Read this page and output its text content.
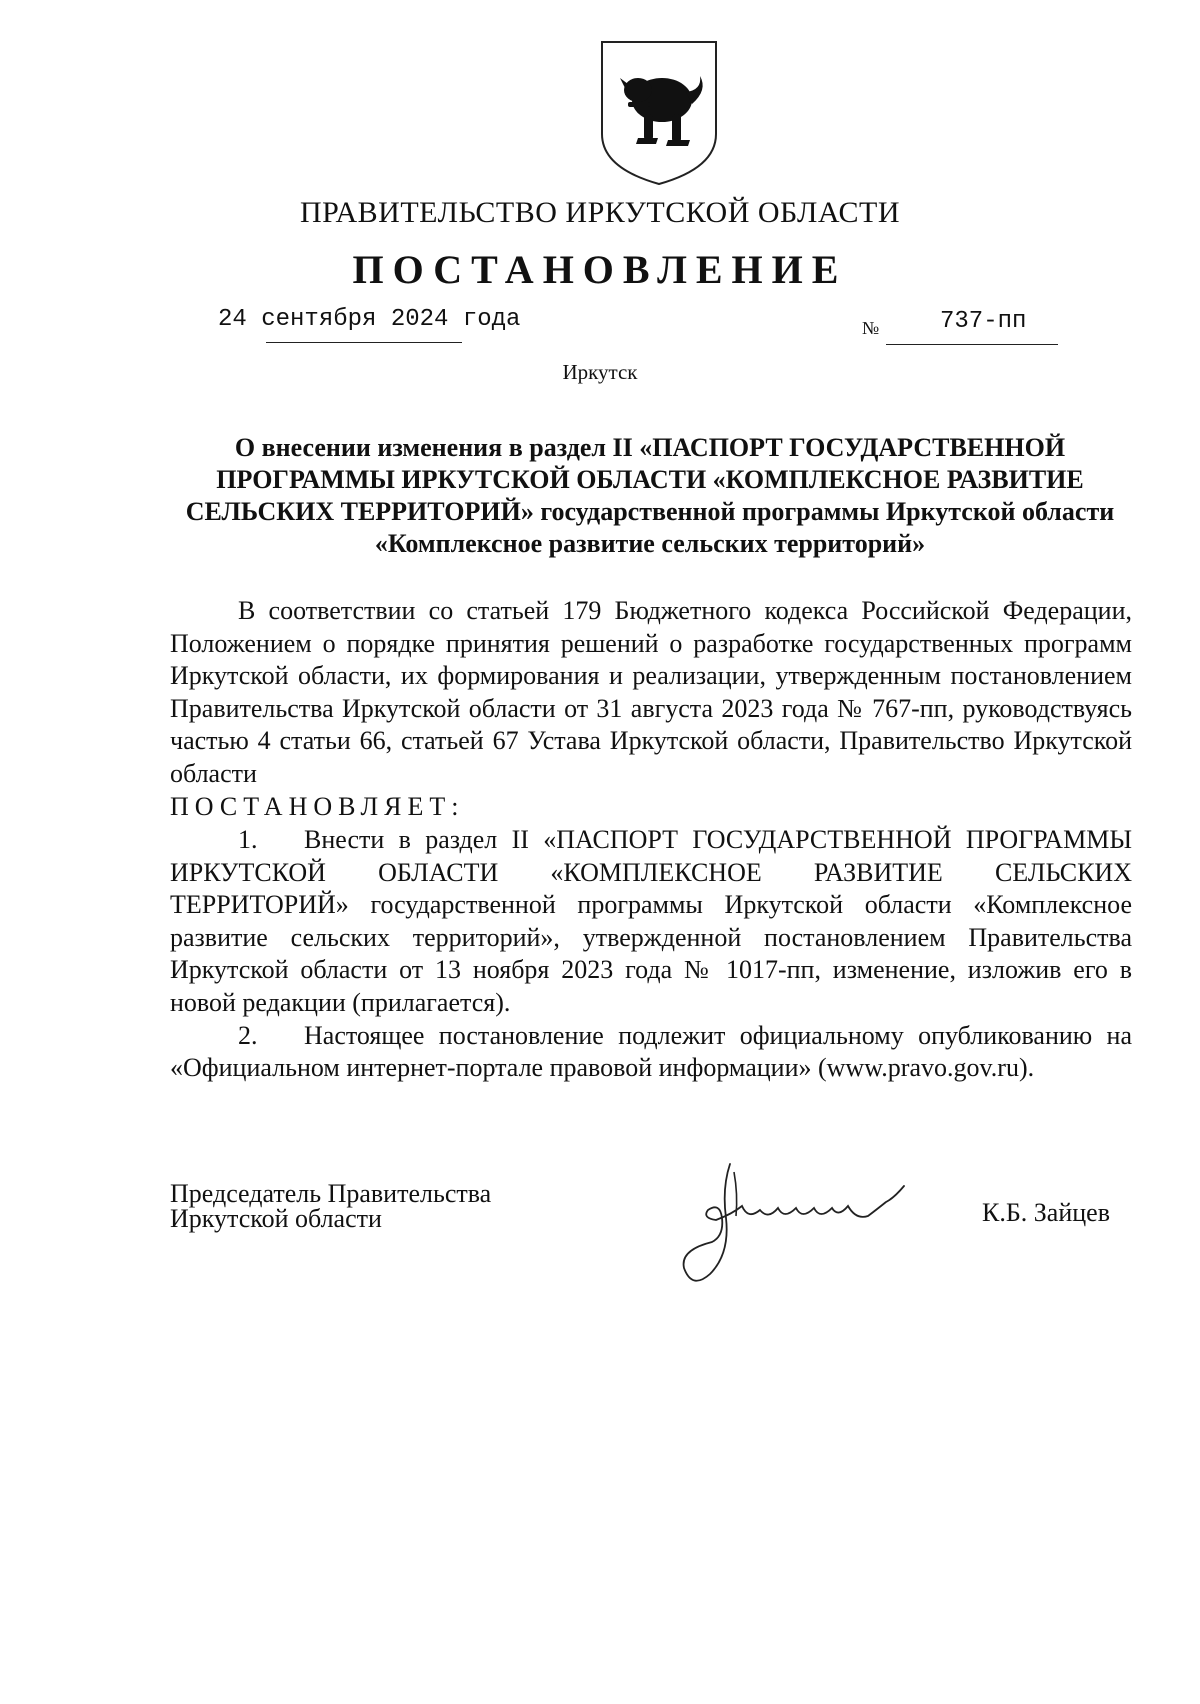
ПРАВИТЕЛЬСТВО ИРКУТСКОЙ ОБЛАСТИ
ПОСТАНОВЛЕНИЕ
24 сентября 2024 года	№	737-пп
Иркутск
О внесении изменения в раздел II «ПАСПОРТ ГОСУДАРСТВЕННОЙ ПРОГРАММЫ ИРКУТСКОЙ ОБЛАСТИ «КОМПЛЕКСНОЕ РАЗВИТИЕ СЕЛЬСКИХ ТЕРРИТОРИЙ» государственной программы Иркутской области «Комплексное развитие сельских территорий»

В соответствии со статьей 179 Бюджетного кодекса Российской Федерации, Положением о порядке принятия решений о разработке государственных программ Иркутской области, их формирования и реализации, утвержденным постановлением Правительства Иркутской области от 31 августа 2023 года № 767-пп, руководствуясь частью 4 статьи 66, статьей 67 Устава Иркутской области, Правительство Иркутской области

ПОСТАНОВЛЯЕТ:

1. Внести в раздел II «ПАСПОРТ ГОСУДАРСТВЕННОЙ ПРОГРАММЫ ИРКУТСКОЙ ОБЛАСТИ «КОМПЛЕКСНОЕ РАЗВИТИЕ СЕЛЬСКИХ ТЕРРИТОРИЙ» государственной программы Иркутской области «Комплексное развитие сельских территорий», утвержденной постановлением Правительства Иркутской области от 13 ноября 2023 года № 1017-пп, изменение, изложив его в новой редакции (прилагается).

2. Настоящее постановление подлежит официальному опубликованию на «Официальном интернет-портале правовой информации» (www.pravo.gov.ru).

Председатель Правительства
Иркутской области	К.Б. Зайцев
